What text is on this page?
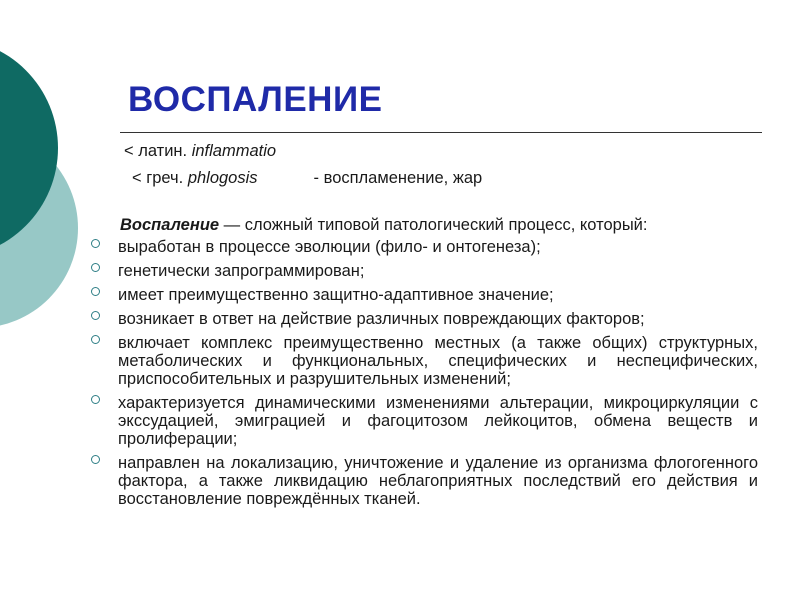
ВОСПАЛЕНИЕ
< латин. inflammatio
< греч. phlogosis	- воспламенение, жар
Воспаление — сложный типовой патологический процесс, который:
выработан в процессе эволюции (фило- и онтогенеза);
генетически запрограммирован;
имеет преимущественно защитно-адаптивное значение;
возникает в ответ на действие различных повреждающих факторов;
включает комплекс преимущественно местных (а также общих) структурных, метаболических и функциональных, специфических и неспецифических, приспособительных и разрушительных изменений;
характеризуется динамическими изменениями альтерации, микроциркуляции с экссудацией, эмиграцией и фагоцитозом лейкоцитов, обмена веществ и пролиферации;
направлен на локализацию, уничтожение и удаление из организма флогогенного фактора, а также ликвидацию неблагоприятных последствий его действия и восстановление повреждённых тканей.
